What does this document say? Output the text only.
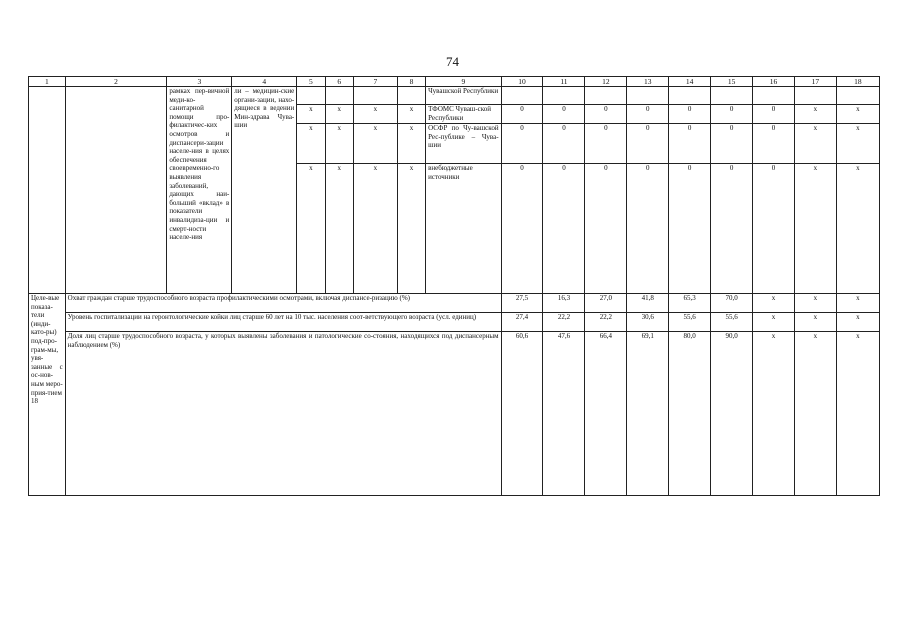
74
1	2	3	4	5	6	7	8	9	10	11	12	13	14	15	16	17	18
		рамках пер-вичной меди-ко-санитарной помощи про-филактичес-ких осмотров и диспансери-зации населе-ния в целях обеспечения своевременно-го выявления заболеваний, дающих наи-больший «вклад» в показатели инвалидиза-ции и смерт-ности населе-ния	ли – медицин-ские органи-зации, нахо-дящиеся в ведении Мин-здрава Чува-шии					Чувашской Республики									
				x	x	x	x	ТФОМС Чуваш-ской Республики	0	0	0	0	0	0	0	x	x
				x	x	x	x	ОСФР по Чу-вашской Рес-публике – Чува-шии	0	0	0	0	0	0	0	x	x
				x	x	x	x	внебюджетные источники	0	0	0	0	0	0	0	x	x
Целе-вые показа-тели (инди-като-ры) под-про-грам-мы, увя-занные с ос-нов-ным меро-прия-тием 18	Охват граждан старше трудоспособного возраста профилактическими осмотрами, включая диспансе-ризацию (%)								27,5	16,3	27,0	41,8	65,3	70,0	x	x	x
	Уровень госпитализации на геронтологические койки лиц старше 60 лет на 10 тыс. населения соот-ветствующего возраста (усл. единиц)								27,4	22,2	22,2	30,6	55,6	55,6	x	x	x
	Доля лиц старше трудоспособного возраста, у которых выявлены заболевания и патологические со-стояния, находящихся под диспансерным наблюдением (%)								60,6	47,6	66,4	69,1	80,0	90,0	x	x	x
